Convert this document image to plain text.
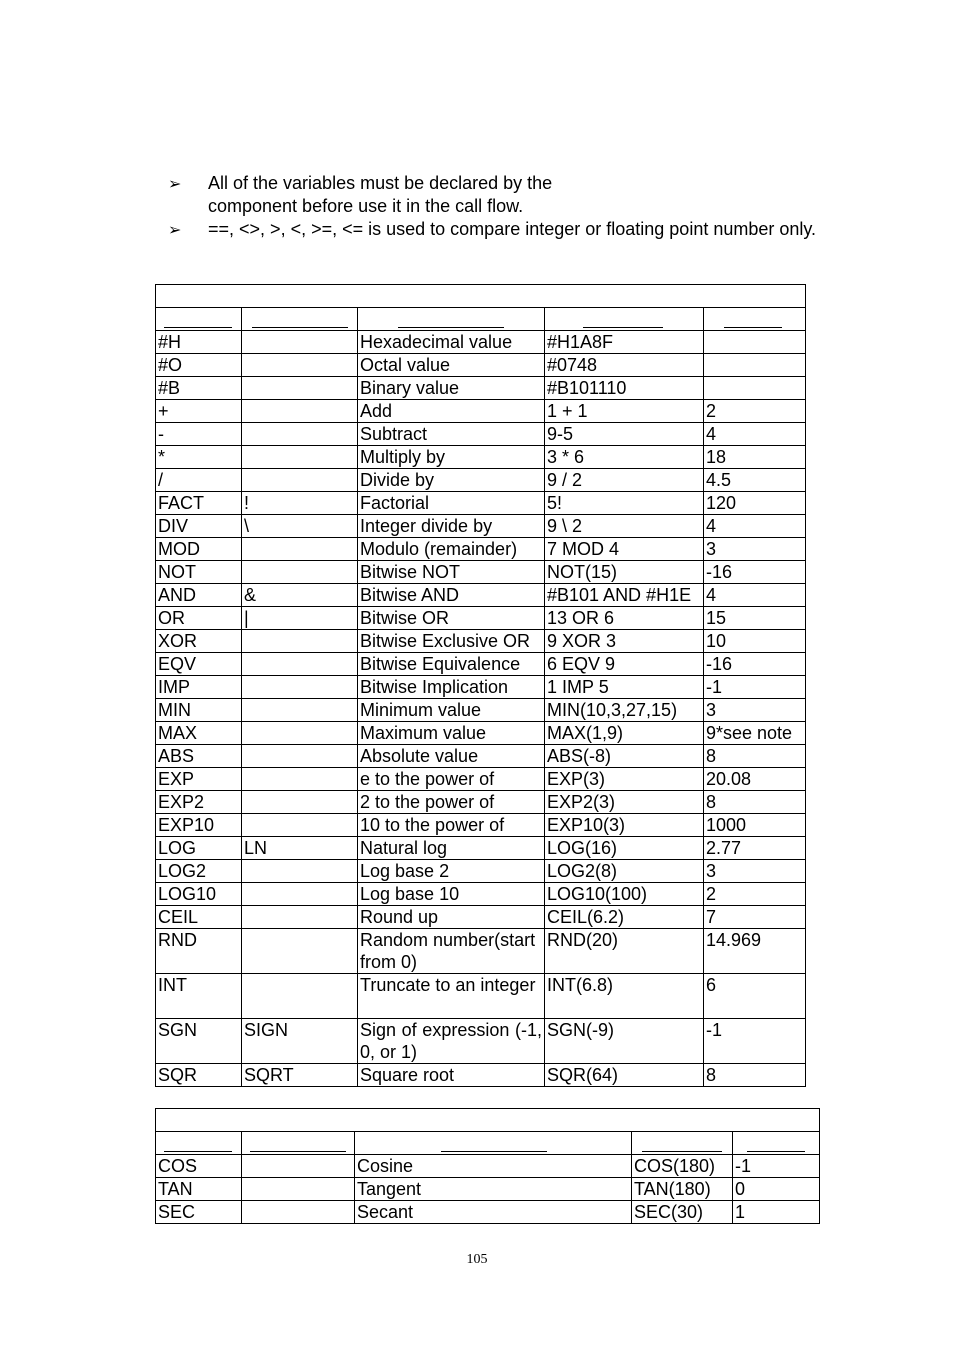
➢	All of the variables must be declared by the component before use it in the call flow.
➢	==, <>, >, <, >=, <= is used to compare integer or floating point number only.

#H		Hexadecimal value	#H1A8F	
#O		Octal value	#0748	
#B		Binary value	#B101110	
+		Add	1 + 1	2
-		Subtract	9-5	4
*		Multiply by	3 * 6	18
/		Divide by	9 / 2	4.5
FACT	!	Factorial	5!	120
DIV	\	Integer divide by	9 \ 2	4
MOD		Modulo (remainder)	7 MOD 4	3
NOT		Bitwise NOT	NOT(15)	-16
AND	&	Bitwise AND	#B101 AND #H1E	4
OR	|	Bitwise OR	13 OR 6	15
XOR		Bitwise Exclusive OR	9 XOR 3	10
EQV		Bitwise Equivalence	6 EQV 9	-16
IMP		Bitwise Implication	1 IMP 5	-1
MIN		Minimum value	MIN(10,3,27,15)	3
MAX		Maximum value	MAX(1,9)	9*see note
ABS		Absolute value	ABS(-8)	8
EXP		e to the power of	EXP(3)	20.08
EXP2		2 to the power of	EXP2(3)	8
EXP10		10 to the power of	EXP10(3)	1000
LOG	LN	Natural log	LOG(16)	2.77
LOG2		Log base 2	LOG2(8)	3
LOG10		Log base 10	LOG10(100)	2
CEIL		Round up	CEIL(6.2)	7
RND		Random number(start from 0)	RND(20)	14.969
INT		Truncate to an integer	INT(6.8)	6
SGN	SIGN	Sign of expression (-1, 0, or 1)	SGN(-9)	-1
SQR	SQRT	Square root	SQR(64)	8

COS		Cosine	COS(180)	-1
TAN		Tangent	TAN(180)	0
SEC		Secant	SEC(30)	1
105
